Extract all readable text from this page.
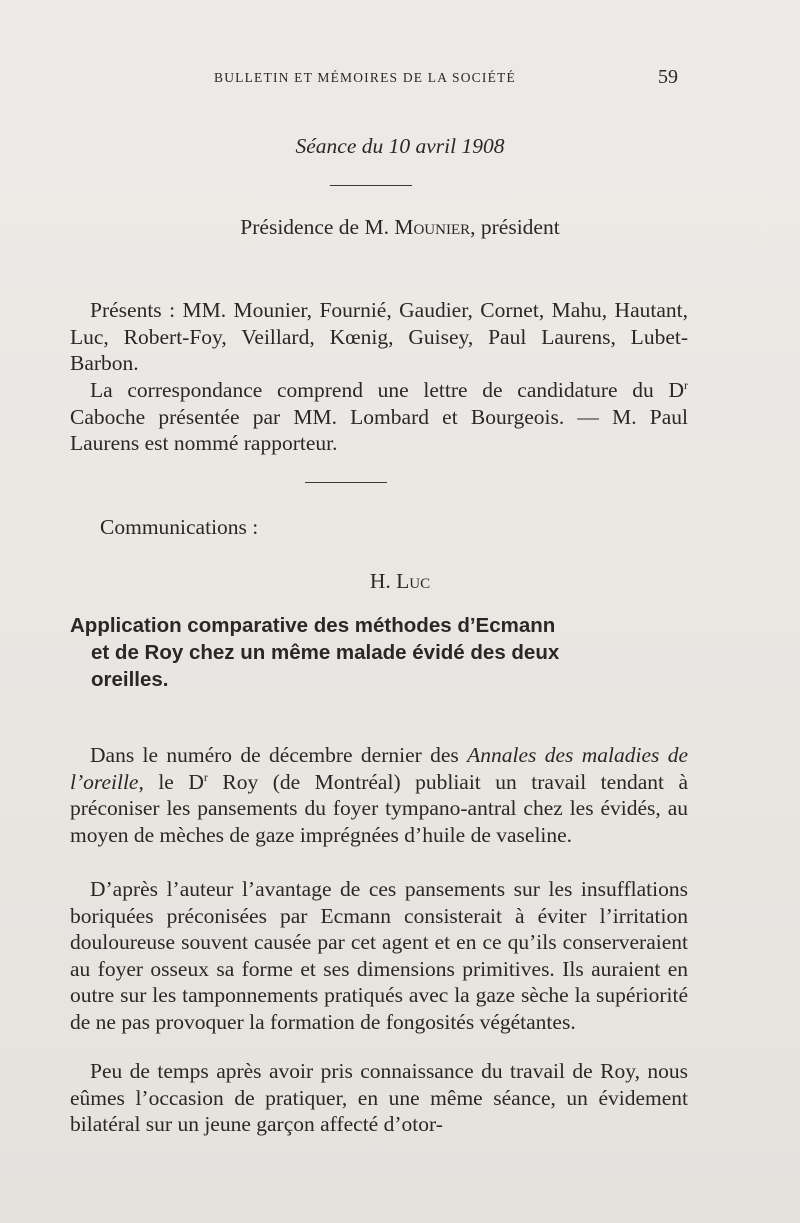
BULLETIN ET MÉMOIRES DE LA SOCIÉTÉ	59
Séance du 10 avril 1908
Présidence de M. Mounier, président
Présents : MM. Mounier, Fournié, Gaudier, Cornet, Mahu, Hautant, Luc, Robert-Foy, Veillard, Kœnig, Guisey, Paul Laurens, Lubet-Barbon.
La correspondance comprend une lettre de candidature du $D^r$ Caboche présentée par MM. Lombard et Bourgeois. — M. Paul Laurens est nommé rapporteur.
Communications :
H. Luc
Application comparative des méthodes d’Ecmann
et de Roy chez un même malade évidé des deux
oreilles.
Dans le numéro de décembre dernier des Annales des maladies de l’oreille, le $D^r$ Roy (de Montréal) publiait un travail tendant à préconiser les pansements du foyer tympano-antral chez les évidés, au moyen de mèches de gaze imprégnées d’huile de vaseline.
D’après l’auteur l’avantage de ces pansements sur les insufflations boriquées préconisées par Ecmann consisterait à éviter l’irritation douloureuse souvent causée par cet agent et en ce qu’ils conserveraient au foyer osseux sa forme et ses dimensions primitives. Ils auraient en outre sur les tamponnements pratiqués avec la gaze sèche la supériorité de ne pas provoquer la formation de fongosités végétantes.
Peu de temps après avoir pris connaissance du travail de Roy, nous eûmes l’occasion de pratiquer, en une même séance, un évidement bilatéral sur un jeune garçon affecté d’otor-
